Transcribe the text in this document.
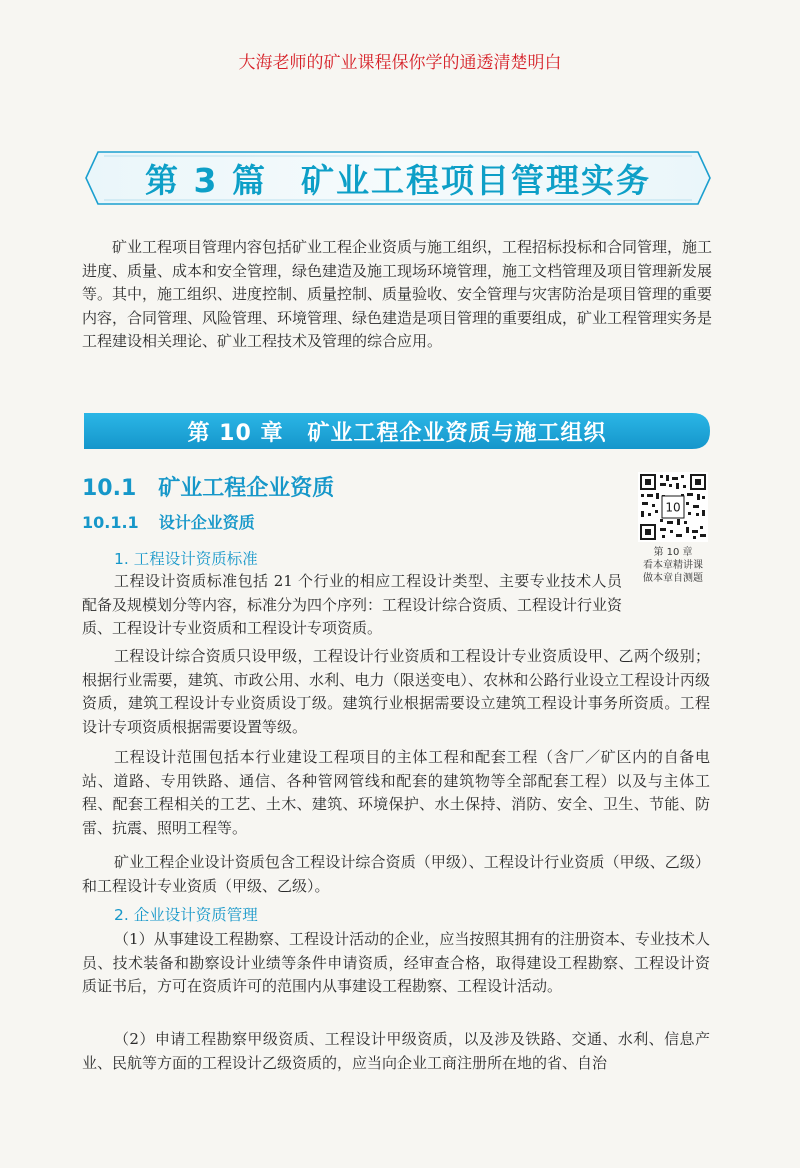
大海老师的矿业课程保你学的通透清楚明白
第 3 篇 矿业工程项目管理实务
矿业工程项目管理内容包括矿业工程企业资质与施工组织，工程招标投标和合同管理，施工进度、质量、成本和安全管理，绿色建造及施工现场环境管理，施工文档管理及项目管理新发展等。其中，施工组织、进度控制、质量控制、质量验收、安全管理与灾害防治是项目管理的重要内容，合同管理、风险管理、环境管理、绿色建造是项目管理的重要组成，矿业工程管理实务是工程建设相关理论、矿业工程技术及管理的综合应用。
第 10 章 矿业工程企业资质与施工组织
10.1 矿业工程企业资质
10.1.1 设计企业资质
1. 工程设计资质标准
10
第 10 章
看本章精讲课
做本章自测题
工程设计资质标准包括 21 个行业的相应工程设计类型、主要专业技术人员配备及规模划分等内容，标准分为四个序列：工程设计综合资质、工程设计行业资质、工程设计专业资质和工程设计专项资质。
工程设计综合资质只设甲级，工程设计行业资质和工程设计专业资质设甲、乙两个级别；根据行业需要，建筑、市政公用、水利、电力（限送变电）、农林和公路行业设立工程设计丙级资质，建筑工程设计专业资质设丁级。建筑行业根据需要设立建筑工程设计事务所资质。工程设计专项资质根据需要设置等级。
工程设计范围包括本行业建设工程项目的主体工程和配套工程（含厂／矿区内的自备电站、道路、专用铁路、通信、各种管网管线和配套的建筑物等全部配套工程）以及与主体工程、配套工程相关的工艺、土木、建筑、环境保护、水土保持、消防、安全、卫生、节能、防雷、抗震、照明工程等。
矿业工程企业设计资质包含工程设计综合资质（甲级）、工程设计行业资质（甲级、乙级）和工程设计专业资质（甲级、乙级）。
2. 企业设计资质管理
（1）从事建设工程勘察、工程设计活动的企业，应当按照其拥有的注册资本、专业技术人员、技术装备和勘察设计业绩等条件申请资质，经审查合格，取得建设工程勘察、工程设计资质证书后，方可在资质许可的范围内从事建设工程勘察、工程设计活动。
（2）申请工程勘察甲级资质、工程设计甲级资质，以及涉及铁路、交通、水利、信息产业、民航等方面的工程设计乙级资质的，应当向企业工商注册所在地的省、自治
